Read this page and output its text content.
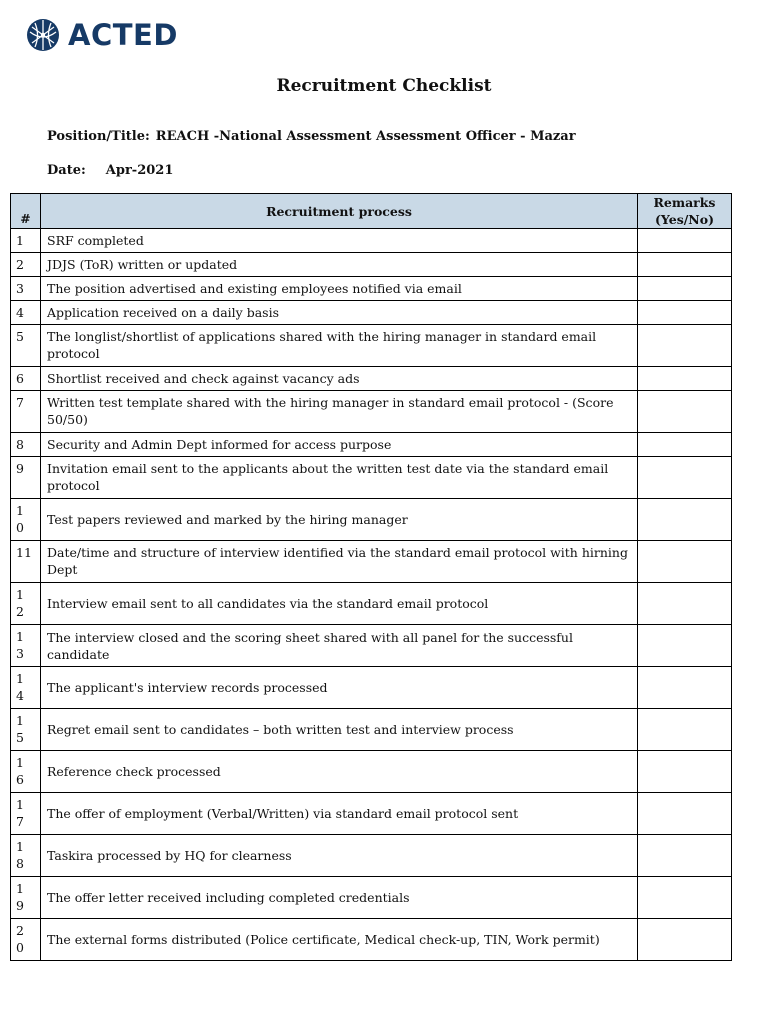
ACTED
Recruitment Checklist
Position/Title: REACH -National Assessment Assessment Officer - Mazar
Date: Apr-2021
#	Recruitment process	Remarks (Yes/No)
1	SRF completed	
2	JDJS (ToR) written or updated	
3	The position advertised and existing employees notified via email	
4	Application received on a daily basis	
5	The longlist/shortlist of applications shared with the hiring manager in standard email protocol	
6	Shortlist received and check against vacancy ads	
7	Written test template shared with the hiring manager in standard email protocol - (Score 50/50)	
8	Security and Admin Dept informed for access purpose	
9	Invitation email sent to the applicants about the written test date via the standard email protocol	
10	Test papers reviewed and marked by the hiring manager	
11	Date/time and structure of interview identified via the standard email protocol with hirning Dept	
12	Interview email sent to all candidates via the standard email protocol	
13	The interview closed and the scoring sheet shared with all panel for the successful candidate	
14	The applicant's interview records processed	
15	Regret email sent to candidates – both written test and interview process	
16	Reference check processed	
17	The offer of employment (Verbal/Written) via standard email protocol sent	
18	Taskira processed by HQ for clearness	
19	The offer letter received including completed credentials	
20	The external forms distributed (Police certificate, Medical check-up, TIN, Work permit)	
